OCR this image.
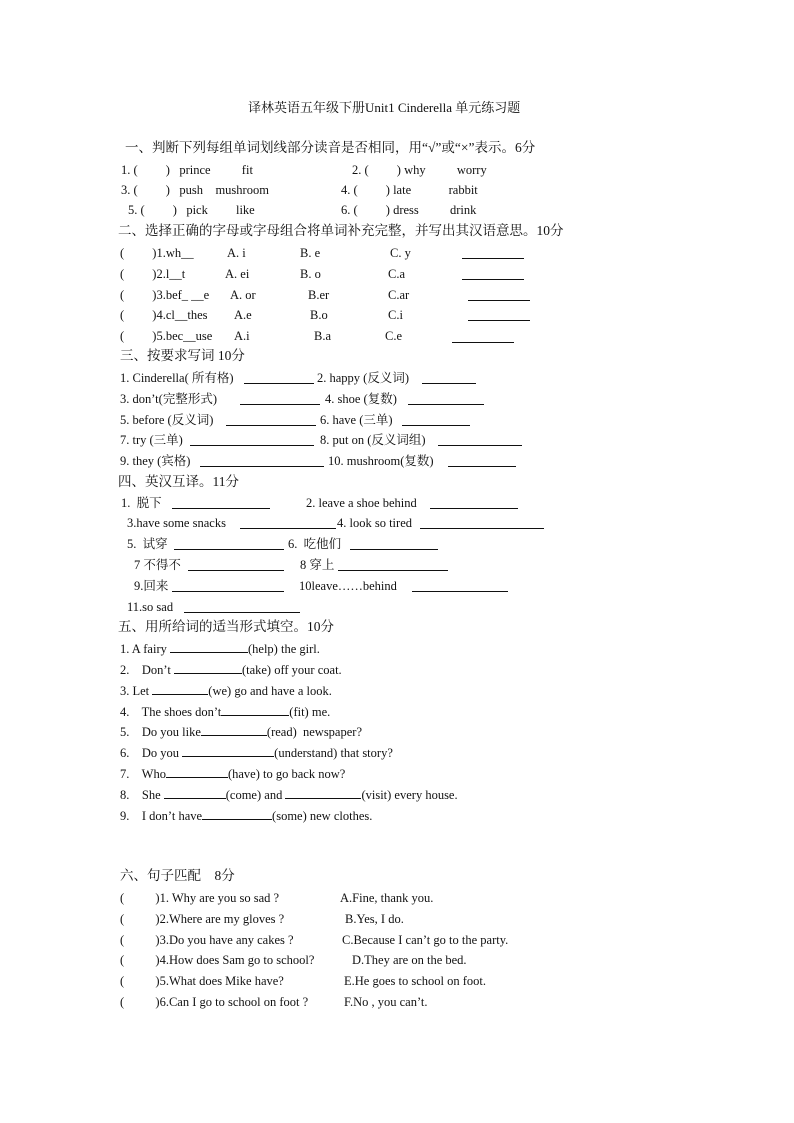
译林英语五年级下册Unit1 Cinderella 单元练习题
一、判断下列每组单词划线部分读音是否相同，用“√”或“×”表示。6分
1. (         )   prince          fit	2. (         ) why          worry
3. (         )   push    mushroom	4. (         ) late            rabbit
5. (         )   pick         like	6. (         ) dress          drink
二、选择正确的字母或字母组合将单词补充完整，并写出其汉语意思。10分
(         )1.wh__	A. i	B. e	C. y
(         )2.l__t	A. ei	B. o	C.a
(         )3.bef_ __e A. or	B.er	C.ar
(         )4.cl__thes A.e	B.o	C.i
(         )5.bec__use A.i	B.a	C.e
三、按要求写词 10分
1. Cinderella( 所有格)	2. happy (反义词)
3. don’t(完整形式)	4. shoe (复数)
5. before (反义词)	6. have (三单)
7. try (三单)	8. put on (反义词组)
9. they (宾格)	10. mushroom(复数)
四、英汉互译。11分
1.  脱下	2. leave a shoe behind
3.have some snacks	4. look so tired
5.  试穿	6.  吃他们
7 不得不	8 穿上
9.回来	10leave……behind
11.so sad
五、用所给词的适当形式填空。10分
1. A fairy	(help) the girl.
2.    Don’t	(take) off your coat.
3. Let	(we) go and have a look.
4.    The shoes don’t	(fit) me.
5.    Do you like	(read)  newspaper?
6.    Do you	(understand) that story?
7.    Who	(have) to go back now?
8.    She	(come) and	(visit) every house.
9.    I don’t have	(some) new clothes.
六、句子匹配    8分
(          )1. Why are you so sad ?	A.Fine, thank you.
(          )2.Where are my gloves ?	B.Yes, I do.
(          )3.Do you have any cakes ?	C.Because I can’t go to the party.
(          )4.How does Sam go to school?	D.They are on the bed.
(          )5.What does Mike have?	E.He goes to school on foot.
(          )6.Can I go to school on foot ?	F.No , you can’t.
